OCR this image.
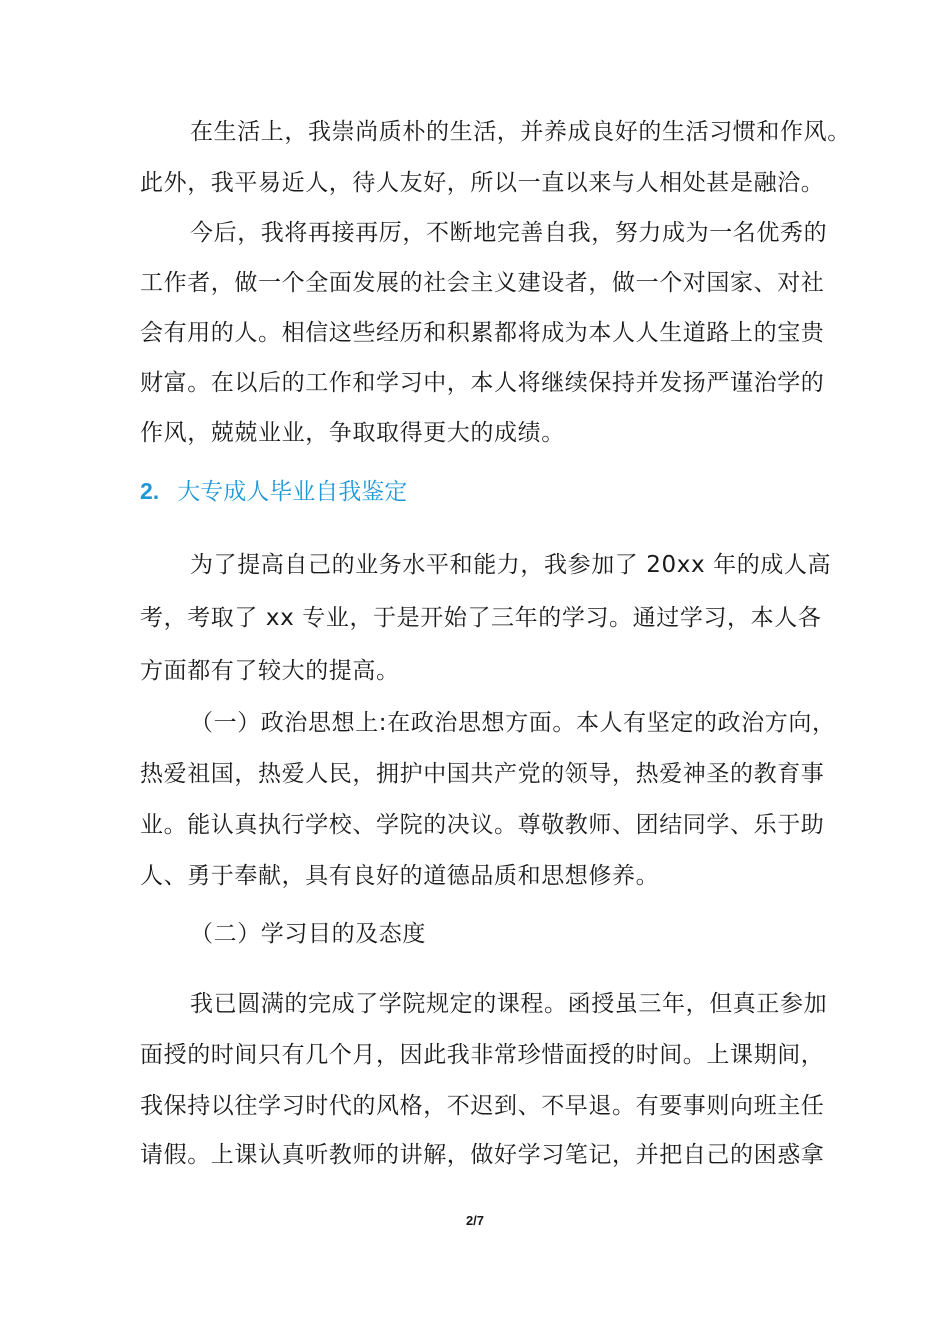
在生活上，我崇尚质朴的生活，并养成良好的生活习惯和作风。
此外，我平易近人，待人友好，所以一直以来与人相处甚是融洽。
今后，我将再接再厉，不断地完善自我，努力成为一名优秀的
工作者，做一个全面发展的社会主义建设者，做一个对国家、对社
会有用的人。相信这些经历和积累都将成为本人人生道路上的宝贵
财富。在以后的工作和学习中，本人将继续保持并发扬严谨治学的
作风，兢兢业业，争取取得更大的成绩。
2. 大专成人毕业自我鉴定
为了提高自己的业务水平和能力，我参加了 20xx 年的成人高
考，考取了 xx 专业，于是开始了三年的学习。通过学习，本人各
方面都有了较大的提高。
（一）政治思想上:在政治思想方面。本人有坚定的政治方向，
热爱祖国，热爱人民，拥护中国共产党的领导，热爱神圣的教育事
业。能认真执行学校、学院的决议。尊敬教师、团结同学、乐于助
人、勇于奉献，具有良好的道德品质和思想修养。
（二）学习目的及态度
我已圆满的完成了学院规定的课程。函授虽三年，但真正参加
面授的时间只有几个月，因此我非常珍惜面授的时间。上课期间，
我保持以往学习时代的风格，不迟到、不早退。有要事则向班主任
请假。上课认真听教师的讲解，做好学习笔记，并把自己的困惑拿
2/7
